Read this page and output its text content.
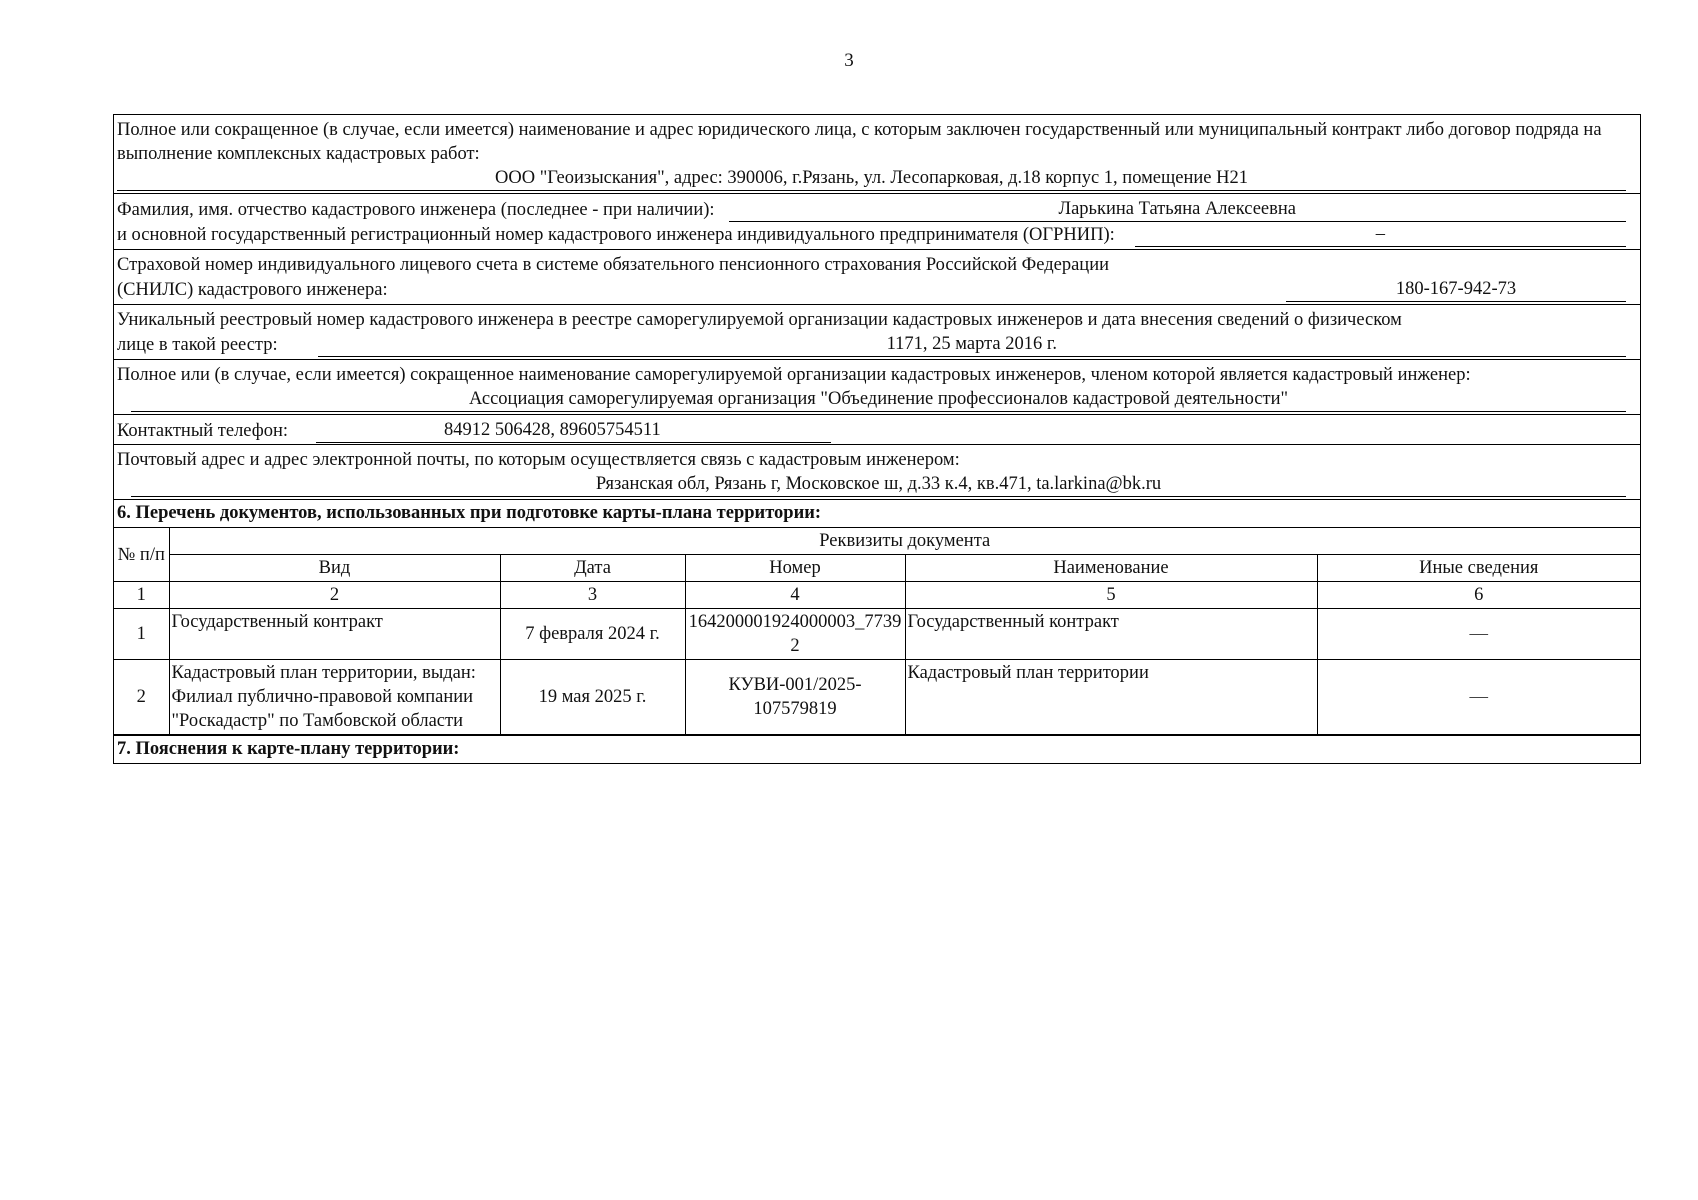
3
Полное или сокращенное (в случае, если имеется) наименование и адрес юридического лица, с которым заключен государственный или муниципальный контракт либо договор подряда на выполнение комплексных кадастровых работ:
ООО "Геоизыскания", адрес: 390006, г.Рязань, ул. Лесопарковая, д.18 корпус 1, помещение Н21
Фамилия, имя. отчество кадастрового инженера (последнее - при наличии):	Ларькина Татьяна Алексеевна
и основной государственный регистрационный номер кадастрового инженера индивидуального предпринимателя (ОГРНИП):	–
Страховой номер индивидуального лицевого счета в системе обязательного пенсионного страхования Российской Федерации
(СНИЛС) кадастрового инженера:	180-167-942-73
Уникальный реестровый номер кадастрового инженера в реестре саморегулируемой организации кадастровых инженеров и дата внесения сведений о физическом
лице в такой реестр:	1171, 25 марта 2016 г.
Полное или (в случае, если имеется) сокращенное наименование саморегулируемой организации кадастровых инженеров, членом которой является кадастровый инженер:
Ассоциация саморегулируемая организация "Объединение профессионалов кадастровой деятельности"
Контактный телефон:	84912 506428, 89605754511
Почтовый адрес и адрес электронной почты, по которым осуществляется связь с кадастровым инженером:
Рязанская обл, Рязань г, Московское ш, д.33 к.4, кв.471, ta.larkina@bk.ru
6. Перечень документов, использованных при подготовке карты-плана территории:
№ п/п	Реквизиты документа				
	Вид	Дата	Номер	Наименование	Иные сведения
1	2	3	4	5	6
1	Государственный контракт	7 февраля 2024 г.	164200001924000003_77392	Государственный контракт	—
2	Кадастровый план территории, выдан: Филиал публично-правовой компании "Роскадастр" по Тамбовской области	19 мая 2025 г.	КУВИ-001/2025-107579819	Кадастровый план территории	—
7. Пояснения к карте-плану территории:
